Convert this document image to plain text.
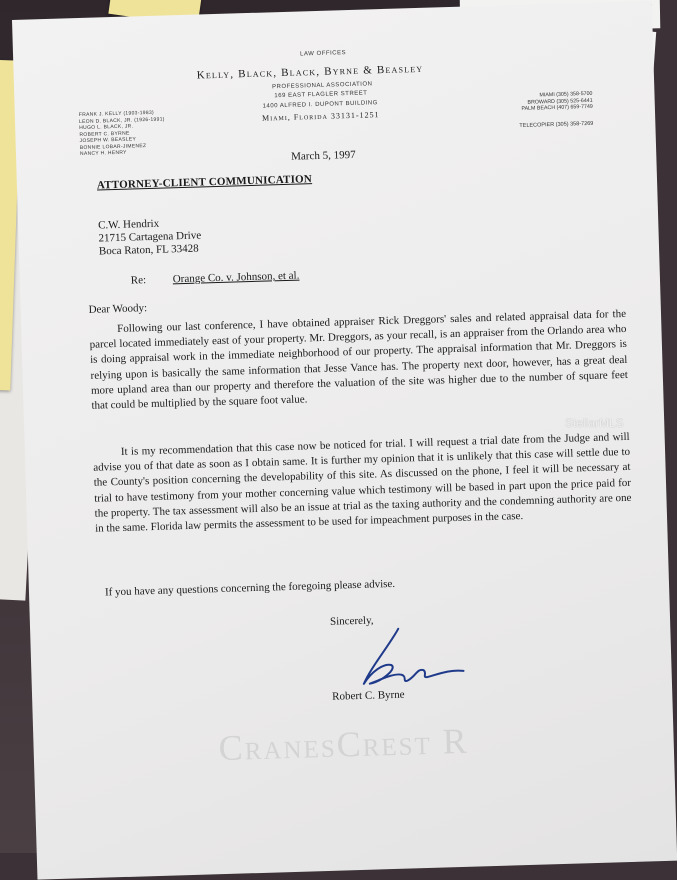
LAW OFFICES
Kelly, Black, Black, Byrne & Beasley
PROFESSIONAL ASSOCIATION
169 EAST FLAGLER STREET
1400 ALFRED I. DUPONT BUILDING
Miami, Florida 33131-1251
FRANK J. KELLY (1903-1983)
LEON D. BLACK, JR. (1926-1991)
HUGO L. BLACK, JR.
ROBERT C. BYRNE
JOSEPH W. BEASLEY
BONNIE LOBAR-JIMENEZ
NANCY H. HENRY
MIAMI (305) 358-5700
BROWARD (305) 525-6441
PALM BEACH (407) 659-7749
TELECOPIER (305) 358-7269
March 5, 1997
ATTORNEY-CLIENT COMMUNICATION
C.W. Hendrix
21715 Cartagena Drive
Boca Raton, FL 33428
Re: Orange Co. v. Johnson, et al.
Dear Woody:
Following our last conference, I have obtained appraiser Rick Dreggors' sales and related appraisal data for the parcel located immediately east of your property. Mr. Dreggors, as your recall, is an appraiser from the Orlando area who is doing appraisal work in the immediate neighborhood of our property. The appraisal information that Mr. Dreggors is relying upon is basically the same information that Jesse Vance has. The property next door, however, has a great deal more upland area than our property and therefore the valuation of the site was higher due to the number of square feet that could be multiplied by the square foot value.
It is my recommendation that this case now be noticed for trial. I will request a trial date from the Judge and will advise you of that date as soon as I obtain same. It is further my opinion that it is unlikely that this case will settle due to the County's position concerning the developability of this site. As discussed on the phone, I feel it will be necessary at trial to have testimony from your mother concerning value which testimony will be based in part upon the price paid for the property. The tax assessment will also be an issue at trial as the taxing authority and the condemning authority are one in the same. Florida law permits the assessment to be used for impeachment purposes in the case.
If you have any questions concerning the foregoing please advise.
Sincerely,
Robert C. Byrne
CranesCrest R
StellarMLS
